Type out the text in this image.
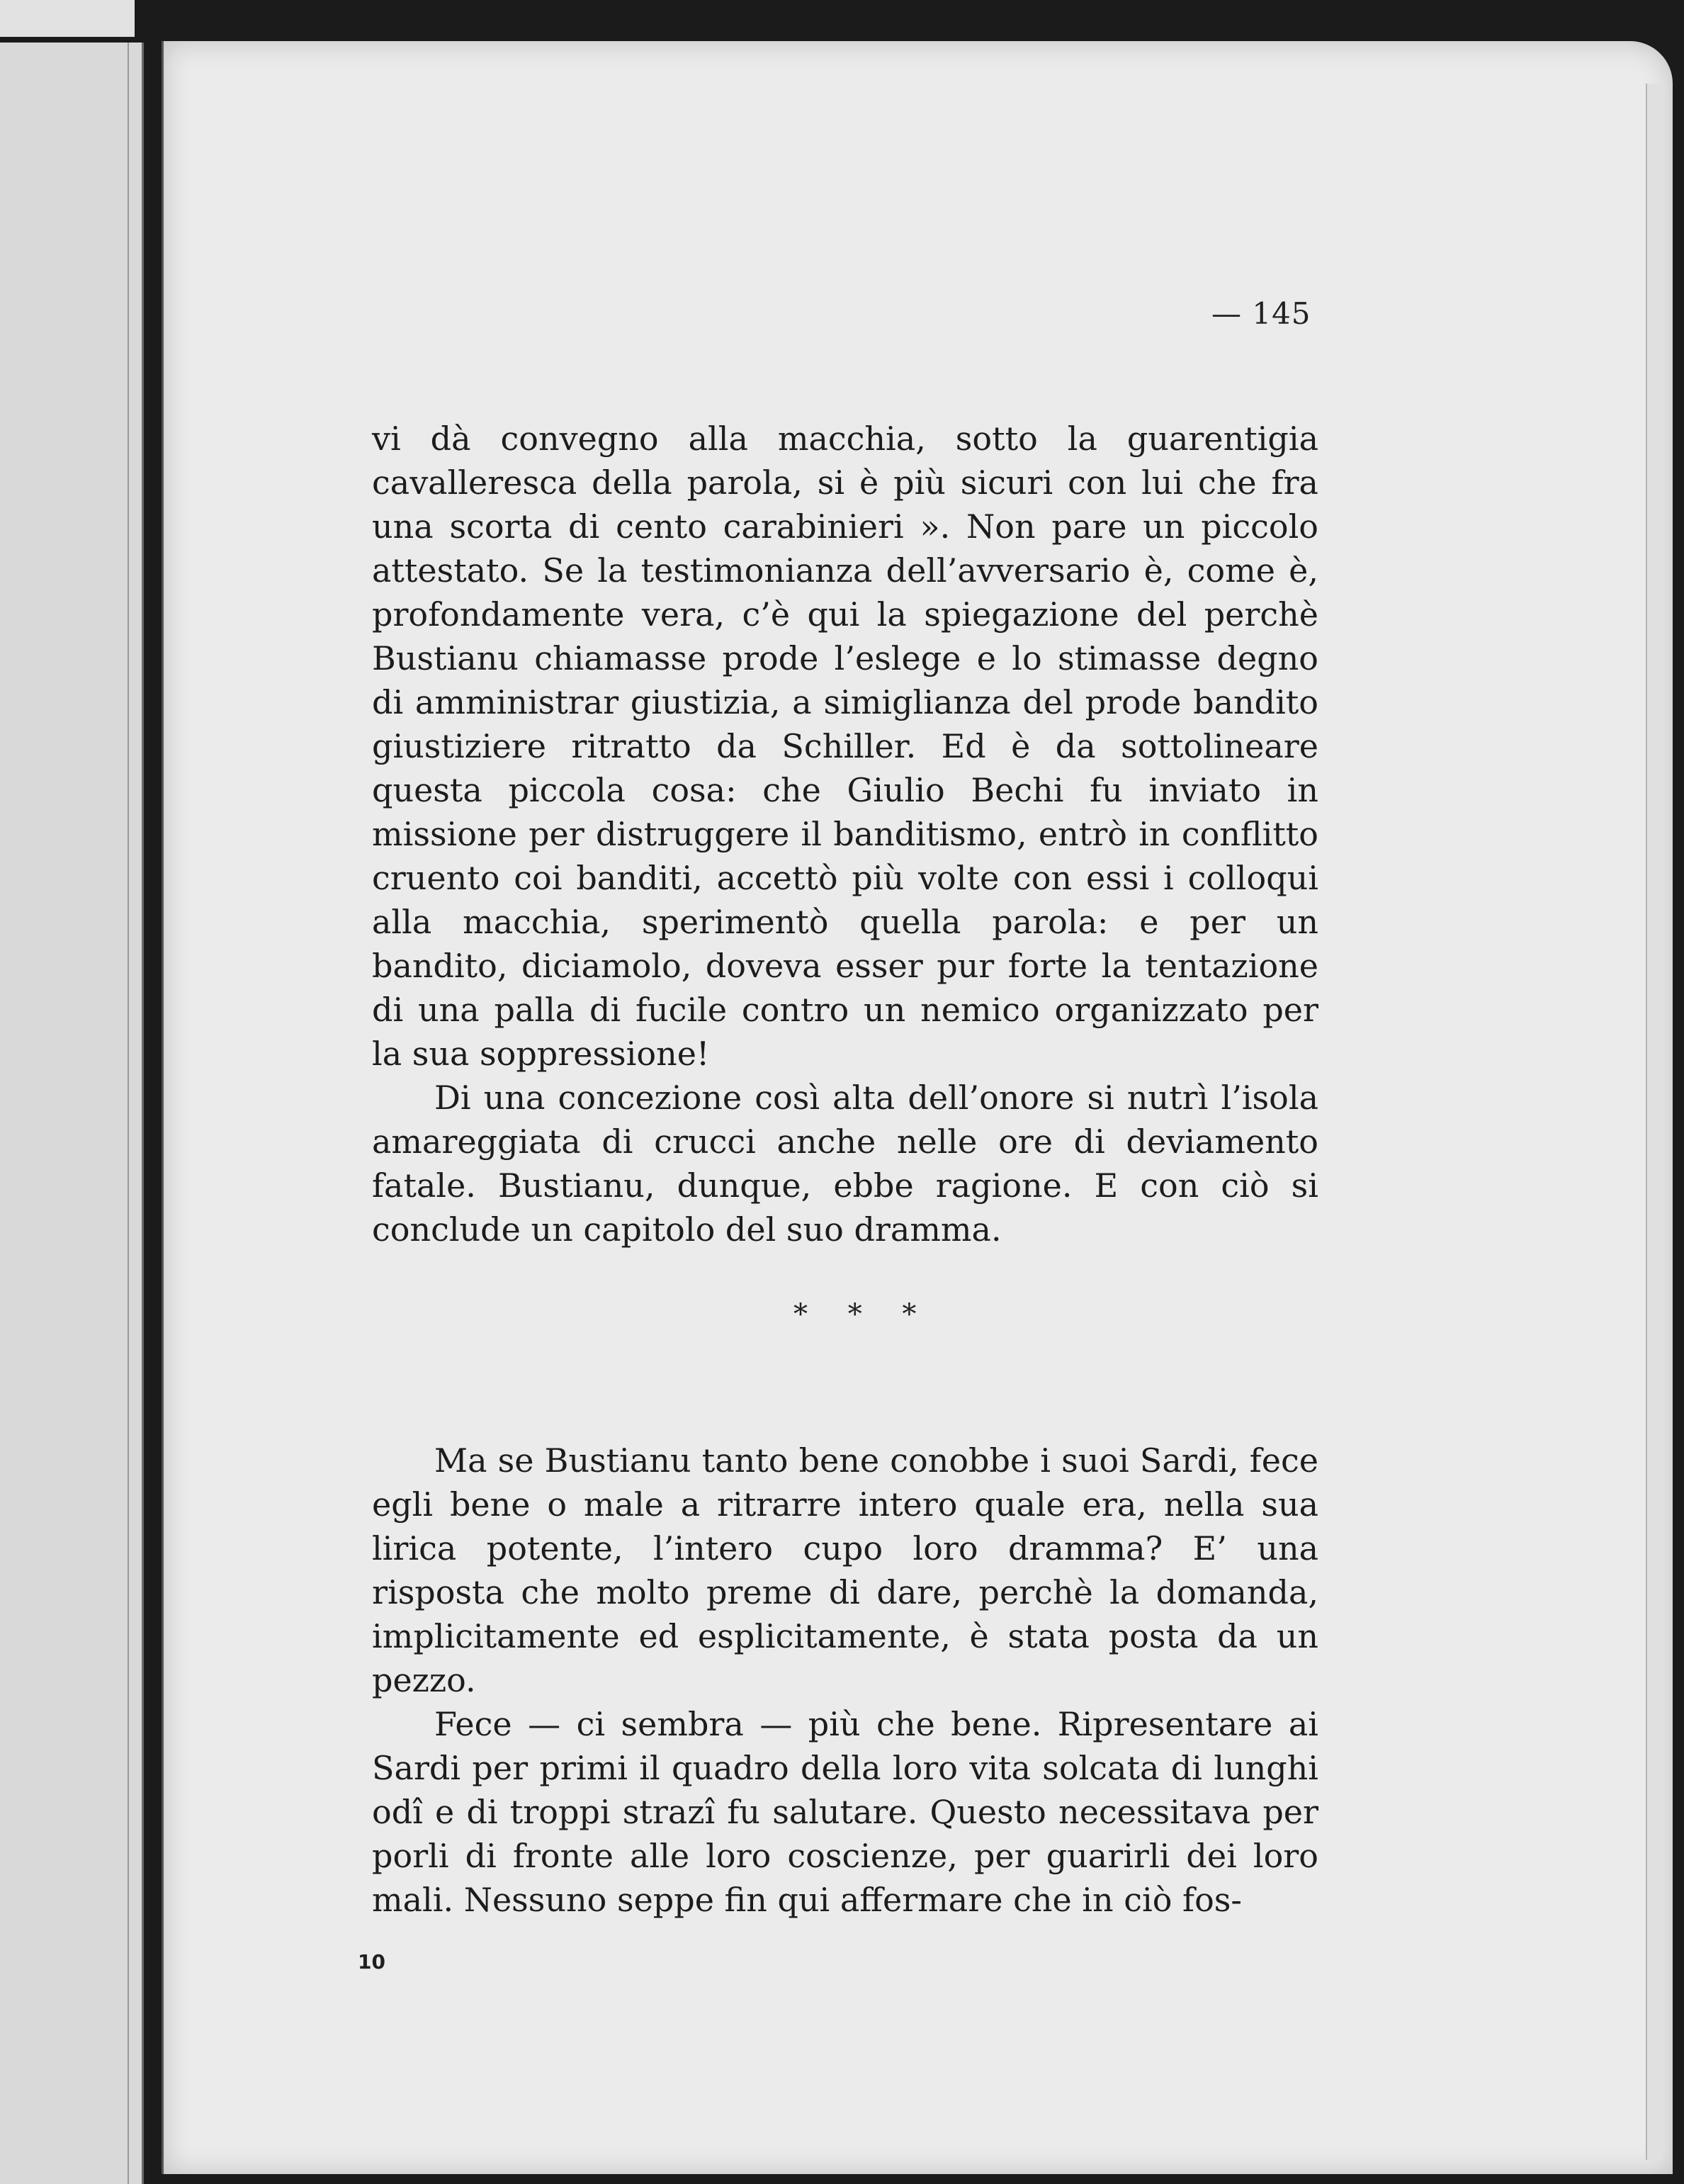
— 145

vi dà convegno alla macchia, sotto la guarentigia cavalleresca della parola, si è più sicuri con lui che fra una scorta di cento carabinieri ». Non pare un piccolo attestato. Se la testimonianza dell’avversario è, come è, profondamente vera, c’è qui la spiegazione del perchè Bustianu chiamasse prode l’eslege e lo stimasse degno di amministrar giustizia, a simiglianza del prode bandito giustiziere ritratto da Schiller. Ed è da sottolineare questa piccola cosa: che Giulio Bechi fu inviato in missione per distruggere il banditismo, entrò in conflitto cruento coi banditi, accettò più volte con essi i colloqui alla macchia, sperimentò quella parola: e per un bandito, diciamolo, doveva esser pur forte la tentazione di una palla di fucile contro un nemico organizzato per la sua soppressione!

Di una concezione così alta dell’onore si nutrì l’isola amareggiata di crucci anche nelle ore di deviamento fatale. Bustianu, dunque, ebbe ragione. E con ciò si conclude un capitolo del suo dramma.

* * *

Ma se Bustianu tanto bene conobbe i suoi Sardi, fece egli bene o male a ritrarre intero quale era, nella sua lirica potente, l’intero cupo loro dramma? E’ una risposta che molto preme di dare, perchè la domanda, implicitamente ed esplicitamente, è stata posta da un pezzo.

Fece — ci sembra — più che bene. Ripresentare ai Sardi per primi il quadro della loro vita solcata di lunghi odî e di troppi strazî fu salutare. Questo necessitava per porli di fronte alle loro coscienze, per guarirli dei loro mali. Nessuno seppe fin qui affermare che in ciò fos-

10
